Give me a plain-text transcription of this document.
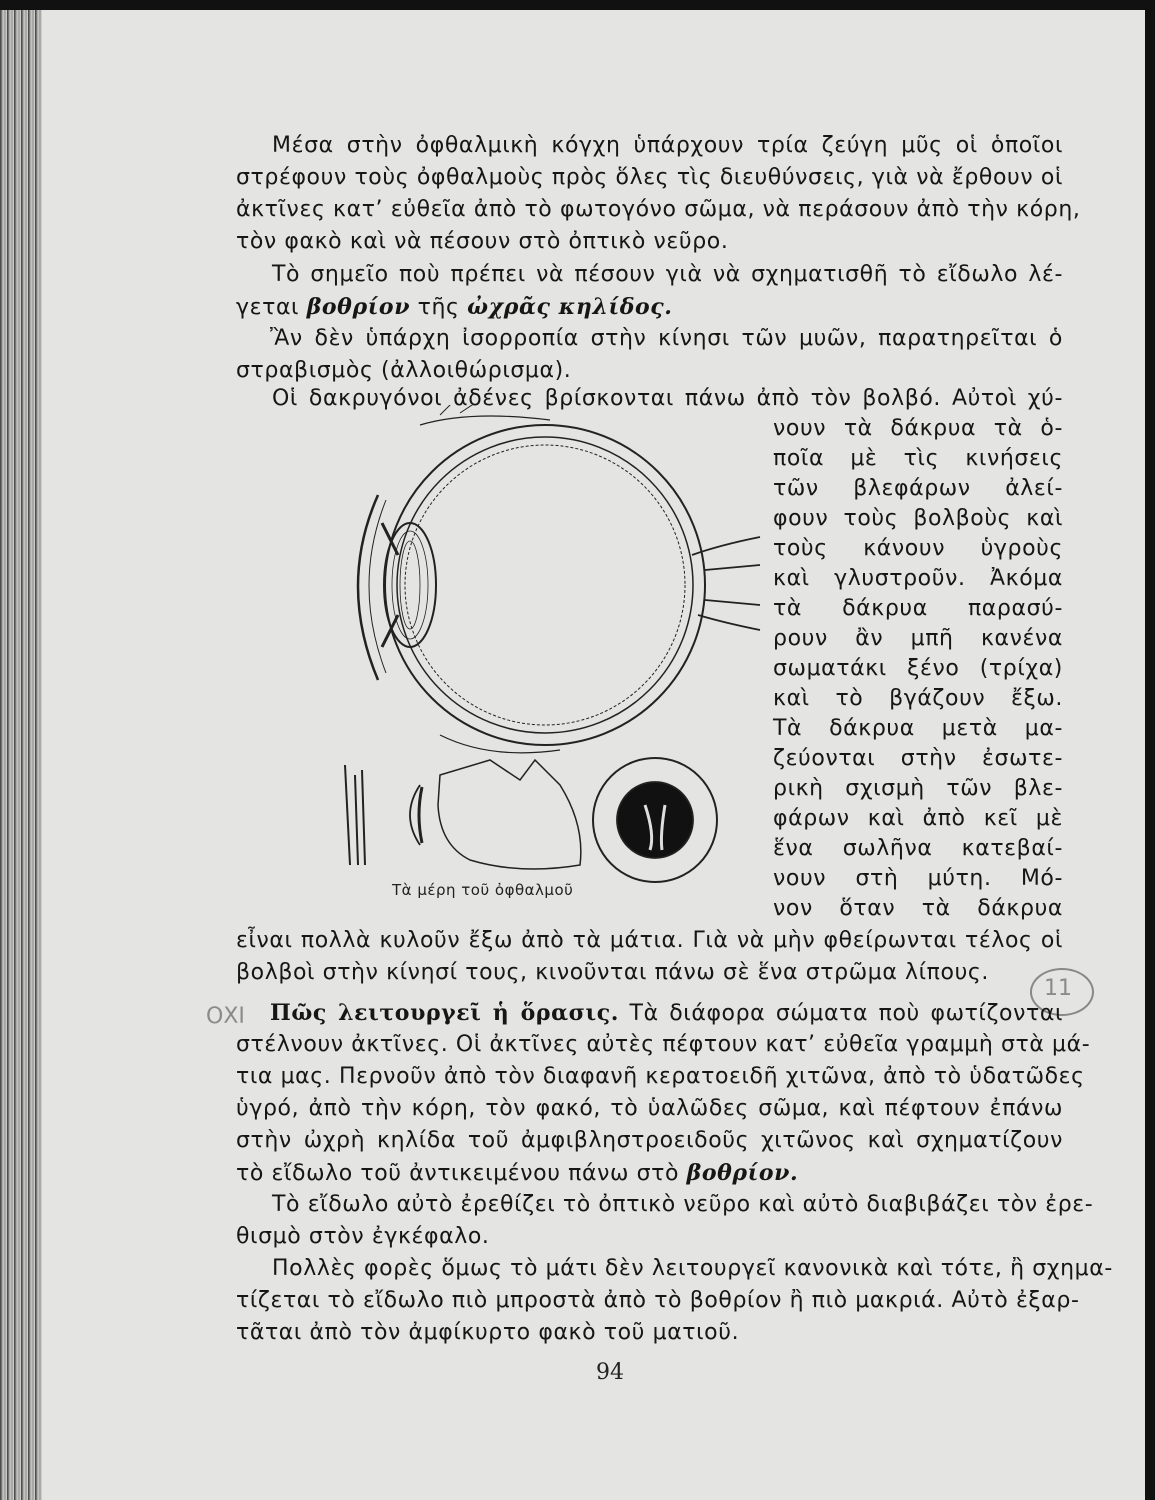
Μέσα στὴν ὀφθαλμικὴ κόγχη ὑπάρχουν τρία ζεύγη μῦς οἱ ὁποῖοι
στρέφουν τοὺς ὀφθαλμοὺς πρὸς ὅλες τὶς διευθύνσεις, γιὰ νὰ ἔρθουν οἱ
ἀκτῖνες κατ’ εὐθεῖα ἀπὸ τὸ φωτογόνο σῶμα, νὰ περάσουν ἀπὸ τὴν κόρη,
τὸν φακὸ καὶ νὰ πέσουν στὸ ὀπτικὸ νεῦρο.
Τὸ σημεῖο ποὺ πρέπει νὰ πέσουν γιὰ νὰ σχηματισθῆ τὸ εἴδωλο λέ-
γεται βοθρίον τῆς ὠχρᾶς κηλίδος.
Ἂν δὲν ὑπάρχη ἰσορροπία στὴν κίνησι τῶν μυῶν, παρατηρεῖται ὁ
στραβισμὸς (ἀλλοιθώρισμα).
Οἱ δακρυγόνοι ἀδένες βρίσκονται πάνω ἀπὸ τὸν βολβό. Αὐτοὶ χύ-
νουν τὰ δάκρυα τὰ ὁ-
ποῖα μὲ τὶς κινήσεις
τῶν βλεφάρων ἀλεί-
φουν τοὺς βολβοὺς καὶ
τοὺς κάνουν ὑγροὺς
καὶ γλυστροῦν. Ἀκόμα
τὰ δάκρυα παρασύ-
ρουν ἂν μπῆ κανένα
σωματάκι ξένο (τρίχα)
καὶ τὸ βγάζουν ἔξω.
Τὰ δάκρυα μετὰ μα-
ζεύονται στὴν ἐσωτε-
ρικὴ σχισμὴ τῶν βλε-
φάρων καὶ ἀπὸ κεῖ μὲ
ἕνα σωλῆνα κατεβαί-
νουν στὴ μύτη. Μό-
νον ὅταν τὰ δάκρυα
εἶναι πολλὰ κυλοῦν ἔξω ἀπὸ τὰ μάτια. Γιὰ νὰ μὴν φθείρωνται τέλος οἱ
βολβοὶ στὴν κίνησί τους, κινοῦνται πάνω σὲ ἕνα στρῶμα λίπους.
Τὰ μέρη τοῦ ὀφθαλμοῦ
ΟΧΙ
11
Πῶς λειτουργεῖ ἡ ὅρασις. Τὰ διάφορα σώματα ποὺ φωτίζονται
στέλνουν ἀκτῖνες. Οἱ ἀκτῖνες αὐτὲς πέφτουν κατ’ εὐθεῖα γραμμὴ στὰ μά-
τια μας. Περνοῦν ἀπὸ τὸν διαφανῆ κερατοειδῆ χιτῶνα, ἀπὸ τὸ ὑδατῶδες
ὑγρό, ἀπὸ τὴν κόρη, τὸν φακό, τὸ ὑαλῶδες σῶμα, καὶ πέφτουν ἐπάνω
στὴν ὠχρὴ κηλίδα τοῦ ἀμφιβληστροειδοῦς χιτῶνος καὶ σχηματίζουν
τὸ εἴδωλο τοῦ ἀντικειμένου πάνω στὸ βοθρίον.
Τὸ εἴδωλο αὐτὸ ἐρεθίζει τὸ ὀπτικὸ νεῦρο καὶ αὐτὸ διαβιβάζει τὸν ἐρε-
θισμὸ στὸν ἐγκέφαλο.
Πολλὲς φορὲς ὅμως τὸ μάτι δὲν λειτουργεῖ κανονικὰ καὶ τότε, ἢ σχημα-
τίζεται τὸ εἴδωλο πιὸ μπροστὰ ἀπὸ τὸ βοθρίον ἢ πιὸ μακριά. Αὐτὸ ἐξαρ-
τᾶται ἀπὸ τὸν ἀμφίκυρτο φακὸ τοῦ ματιοῦ.
94
